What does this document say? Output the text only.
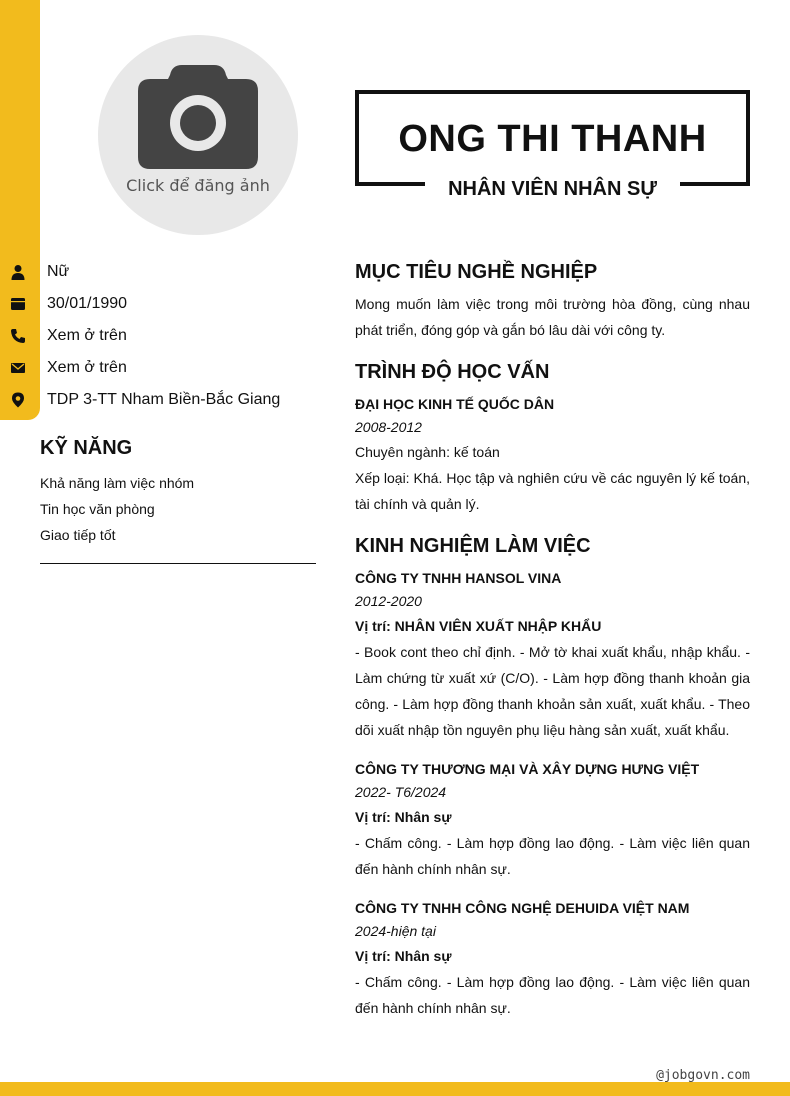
Click để đăng ảnh
ONG THI THANH
NHÂN VIÊN NHÂN SỰ
Nữ
30/01/1990
Xem ở trên
Xem ở trên
TDP 3-TT Nham Biền-Bắc Giang
KỸ NĂNG
Khả năng làm việc nhóm
Tin học văn phòng
Giao tiếp tốt
MỤC TIÊU NGHỀ NGHIỆP
Mong muốn làm việc trong môi trường hòa đồng, cùng nhau phát triển, đóng góp và gắn bó lâu dài với công ty.
TRÌNH ĐỘ HỌC VẤN
ĐẠI HỌC KINH TẾ QUỐC DÂN
2008-2012
Chuyên ngành: kế toán
Xếp loại: Khá. Học tập và nghiên cứu về các nguyên lý kế toán, tài chính và quản lý.
KINH NGHIỆM LÀM VIỆC
CÔNG TY TNHH HANSOL VINA
2012-2020
Vị trí: NHÂN VIÊN XUẤT NHẬP KHẨU
- Book cont theo chỉ định. - Mở tờ khai xuất khẩu, nhập khẩu. - Làm chứng từ xuất xứ (C/O). - Làm hợp đồng thanh khoản gia công. - Làm hợp đồng thanh khoản sản xuất, xuất khẩu. - Theo dõi xuất nhập tồn nguyên phụ liệu hàng sản xuất, xuất khẩu.
CÔNG TY THƯƠNG MẠI VÀ XÂY DỰNG HƯNG VIỆT
2022- T6/2024
Vị trí: Nhân sự
- Chấm công. - Làm hợp đồng lao động. - Làm việc liên quan đến hành chính nhân sự.
CÔNG TY TNHH CÔNG NGHỆ DEHUIDA VIỆT NAM
2024-hiện tại
Vị trí: Nhân sự
- Chấm công. - Làm hợp đồng lao động. - Làm việc liên quan đến hành chính nhân sự.
@jobgovn.com
